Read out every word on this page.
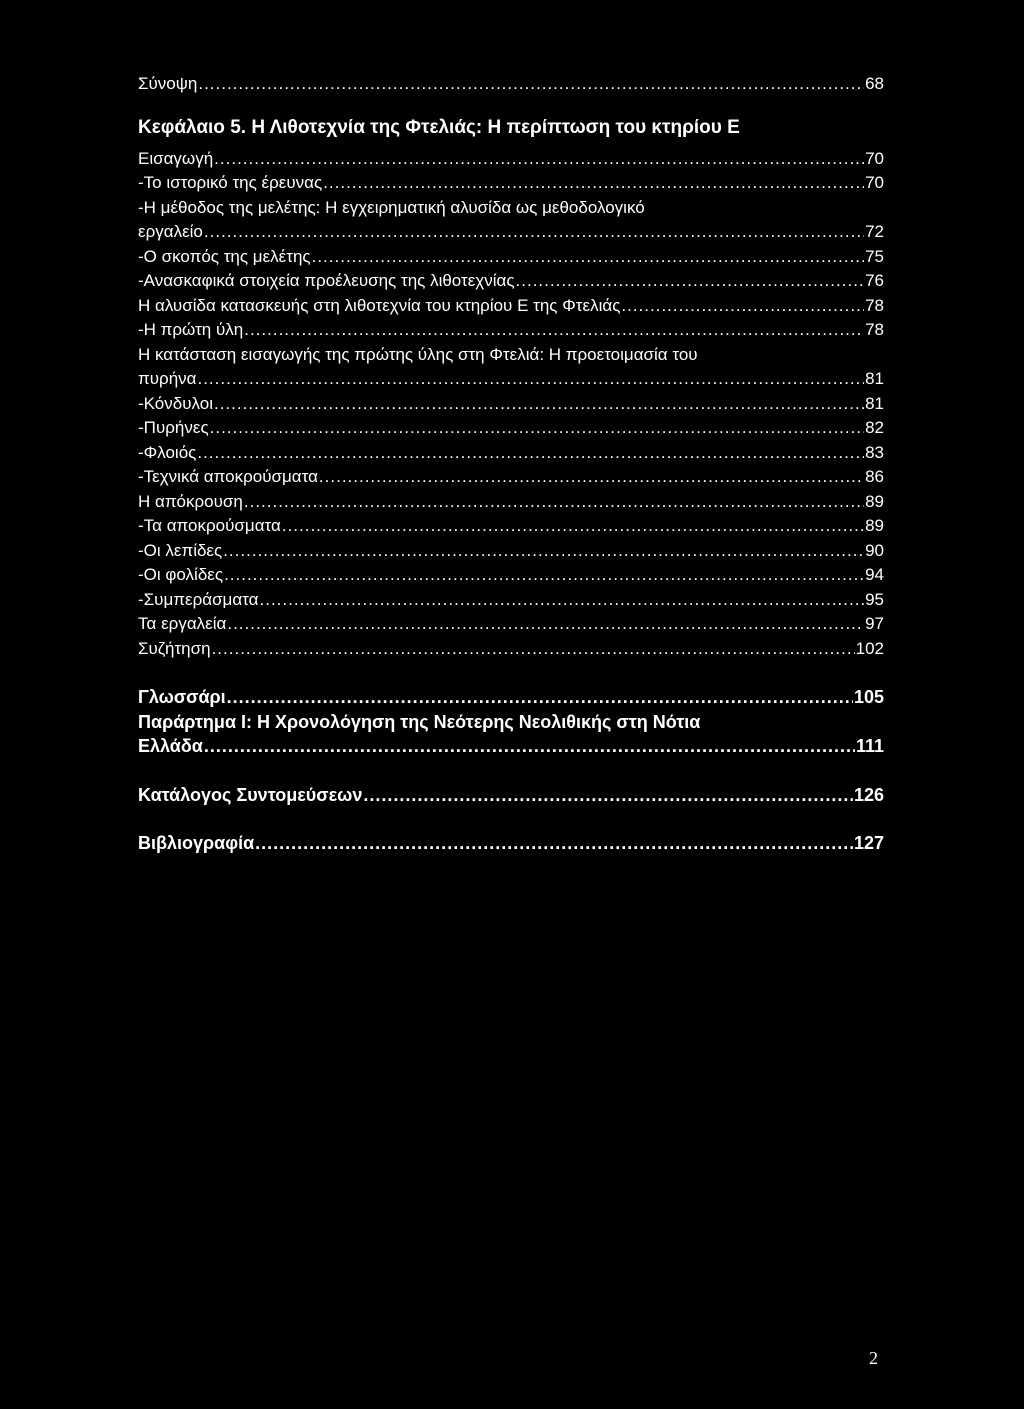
Σύνοψη .....	68
Κεφάλαιο 5. Η Λιθοτεχνία της Φτελιάς: Η περίπτωση του κτηρίου Ε
Εισαγωγή .....	70
-Το ιστορικό της έρευνας .....	70
-Η μέθοδος της μελέτης: Η εγχειρηματική αλυσίδα ως μεθοδολογικό
εργαλείο .....	72
-Ο σκοπός της μελέτης .....	75
-Ανασκαφικά στοιχεία προέλευσης της λιθοτεχνίας .....	76
Η αλυσίδα κατασκευής στη λιθοτεχνία του κτηρίου Ε της Φτελιάς .....	78
-Η πρώτη ύλη .....	78
Η κατάσταση εισαγωγής της πρώτης ύλης στη Φτελιά: Η προετοιμασία του
πυρήνα .....	81
-Κόνδυλοι .....	81
-Πυρήνες .....	82
-Φλοιός .....	83
-Τεχνικά αποκρούσματα .....	86
Η απόκρουση .....	89
-Τα αποκρούσματα .....	89
-Οι λεπίδες .....	90
-Οι φολίδες .....	94
-Συμπεράσματα .....	95
Τα εργαλεία .....	97
Συζήτηση .....	102
Γλωσσάρι .....	105
Παράρτημα Ι: Η Χρονολόγηση της Νεότερης Νεολιθικής στη Νότια
Ελλάδα .....	111
Κατάλογος Συντομεύσεων .....	126
Βιβλιογραφία .....	127
2
